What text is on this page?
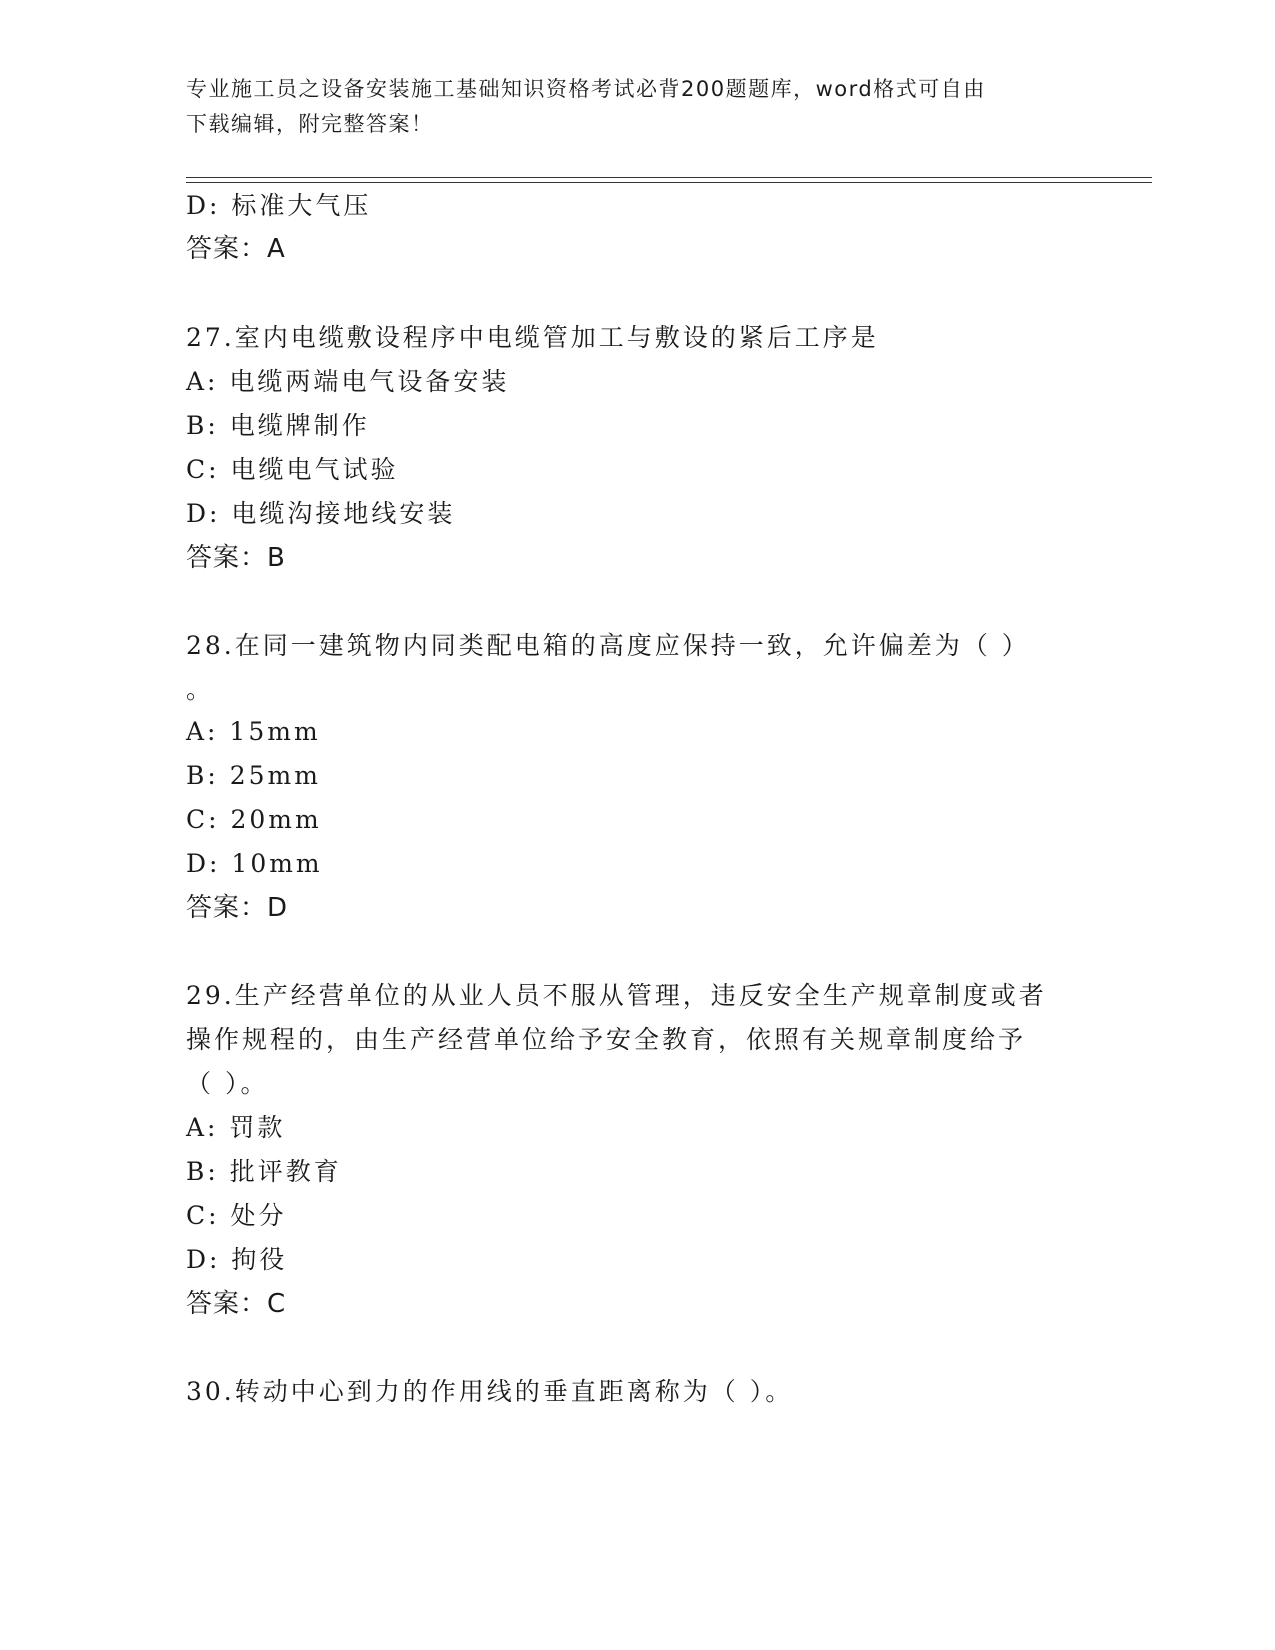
专业施工员之设备安装施工基础知识资格考试必背200题题库，word格式可自由
下载编辑，附完整答案！
D: 标准大气压
答案：A
27.室内电缆敷设程序中电缆管加工与敷设的紧后工序是
A: 电缆两端电气设备安装
B: 电缆牌制作
C: 电缆电气试验
D: 电缆沟接地线安装
答案：B
28.在同一建筑物内同类配电箱的高度应保持一致，允许偏差为（ ）
。
A: 15mm
B: 25mm
C: 20mm
D: 10mm
答案：D
29.生产经营单位的从业人员不服从管理，违反安全生产规章制度或者
操作规程的，由生产经营单位给予安全教育，依照有关规章制度给予
（ ）。
A: 罚款
B: 批评教育
C: 处分
D: 拘役
答案：C
30.转动中心到力的作用线的垂直距离称为（ ）。
